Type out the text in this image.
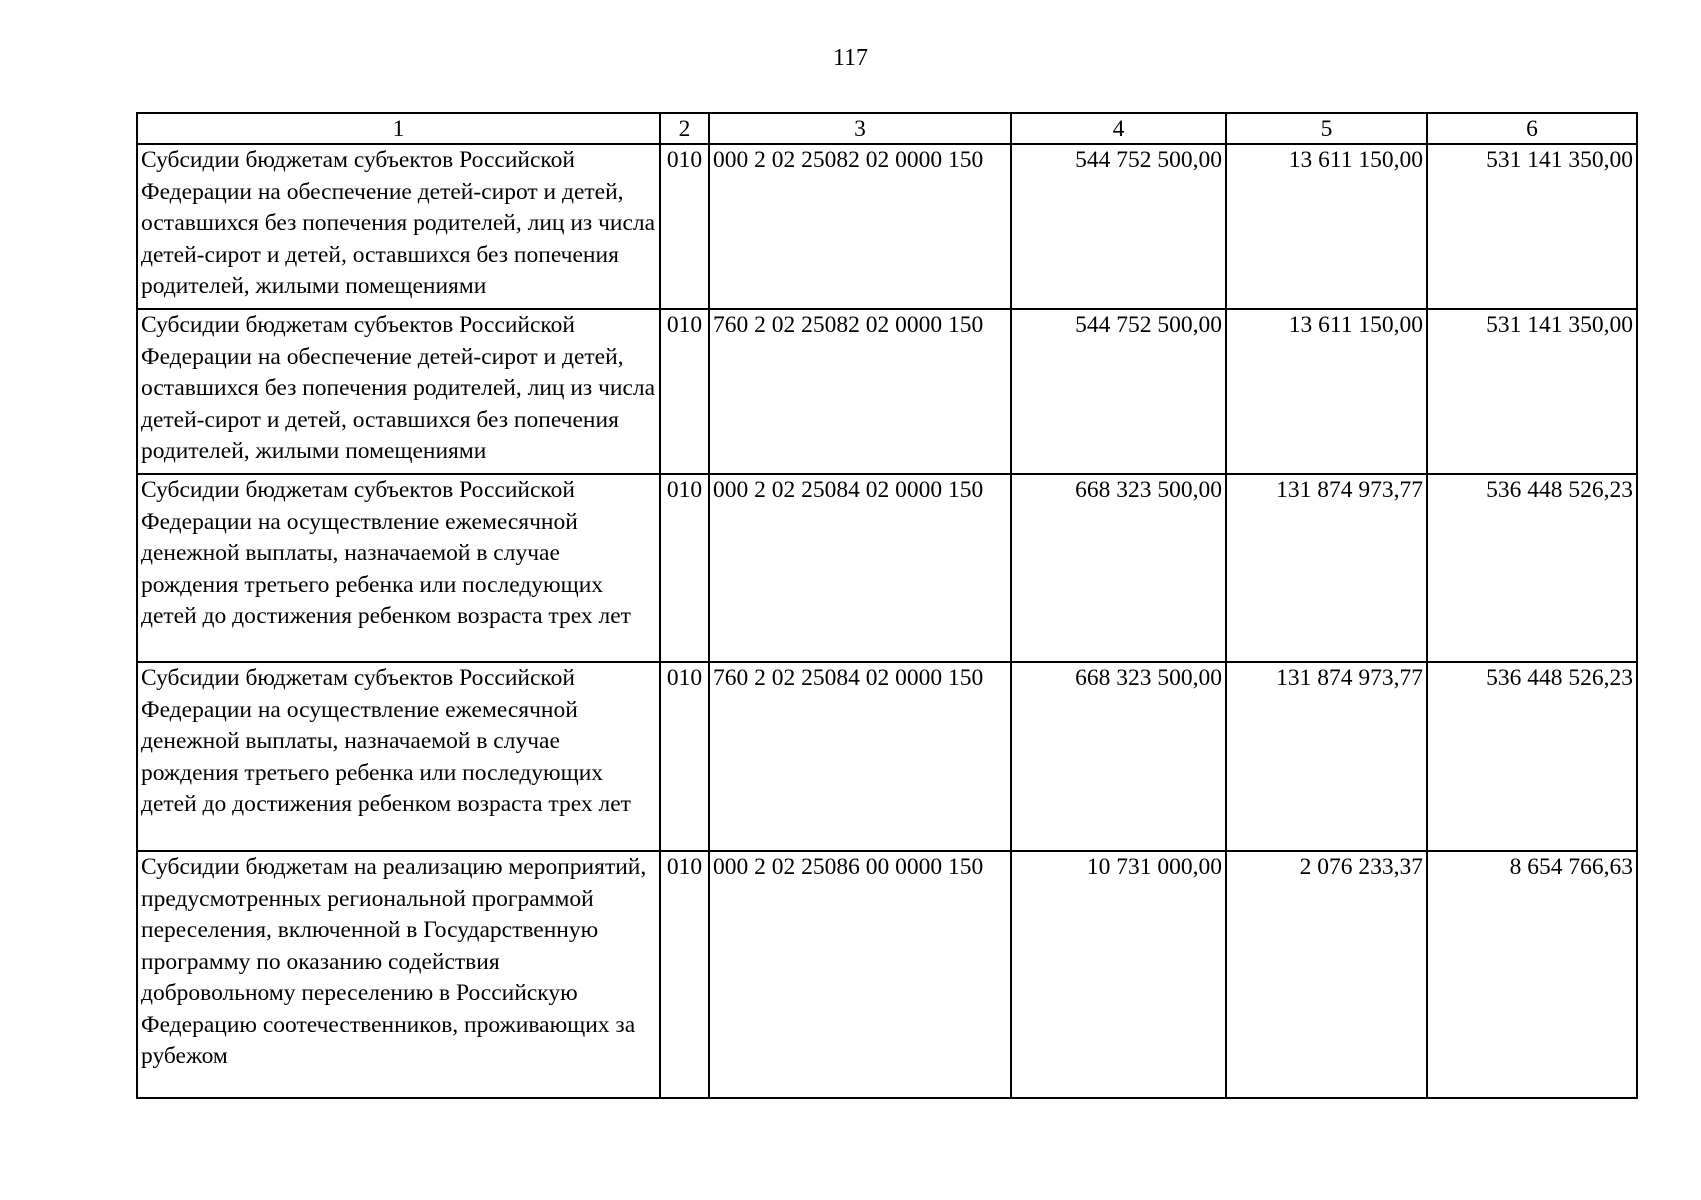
117
1	2	3	4	5	6
Субсидии бюджетам субъектов Российской Федерации на обеспечение детей-сирот и детей, оставшихся без попечения родителей, лиц из числа детей-сирот и детей, оставшихся без попечения родителей, жилыми помещениями	010	000 2 02 25082 02 0000 150	544 752 500,00	13 611 150,00	531 141 350,00
Субсидии бюджетам субъектов Российской Федерации на обеспечение детей-сирот и детей, оставшихся без попечения родителей, лиц из числа детей-сирот и детей, оставшихся без попечения родителей, жилыми помещениями	010	760 2 02 25082 02 0000 150	544 752 500,00	13 611 150,00	531 141 350,00
Субсидии бюджетам субъектов Российской Федерации на осуществление ежемесячной денежной выплаты, назначаемой в случае рождения третьего ребенка или последующих детей до достижения ребенком возраста трех лет	010	000 2 02 25084 02 0000 150	668 323 500,00	131 874 973,77	536 448 526,23
Субсидии бюджетам субъектов Российской Федерации на осуществление ежемесячной денежной выплаты, назначаемой в случае рождения третьего ребенка или последующих детей до достижения ребенком возраста трех лет	010	760 2 02 25084 02 0000 150	668 323 500,00	131 874 973,77	536 448 526,23
Субсидии бюджетам на реализацию мероприятий, предусмотренных региональной программой переселения, включенной в Государственную программу по оказанию содействия добровольному переселению в Российскую Федерацию соотечественников, проживающих за рубежом	010	000 2 02 25086 00 0000 150	10 731 000,00	2 076 233,37	8 654 766,63
